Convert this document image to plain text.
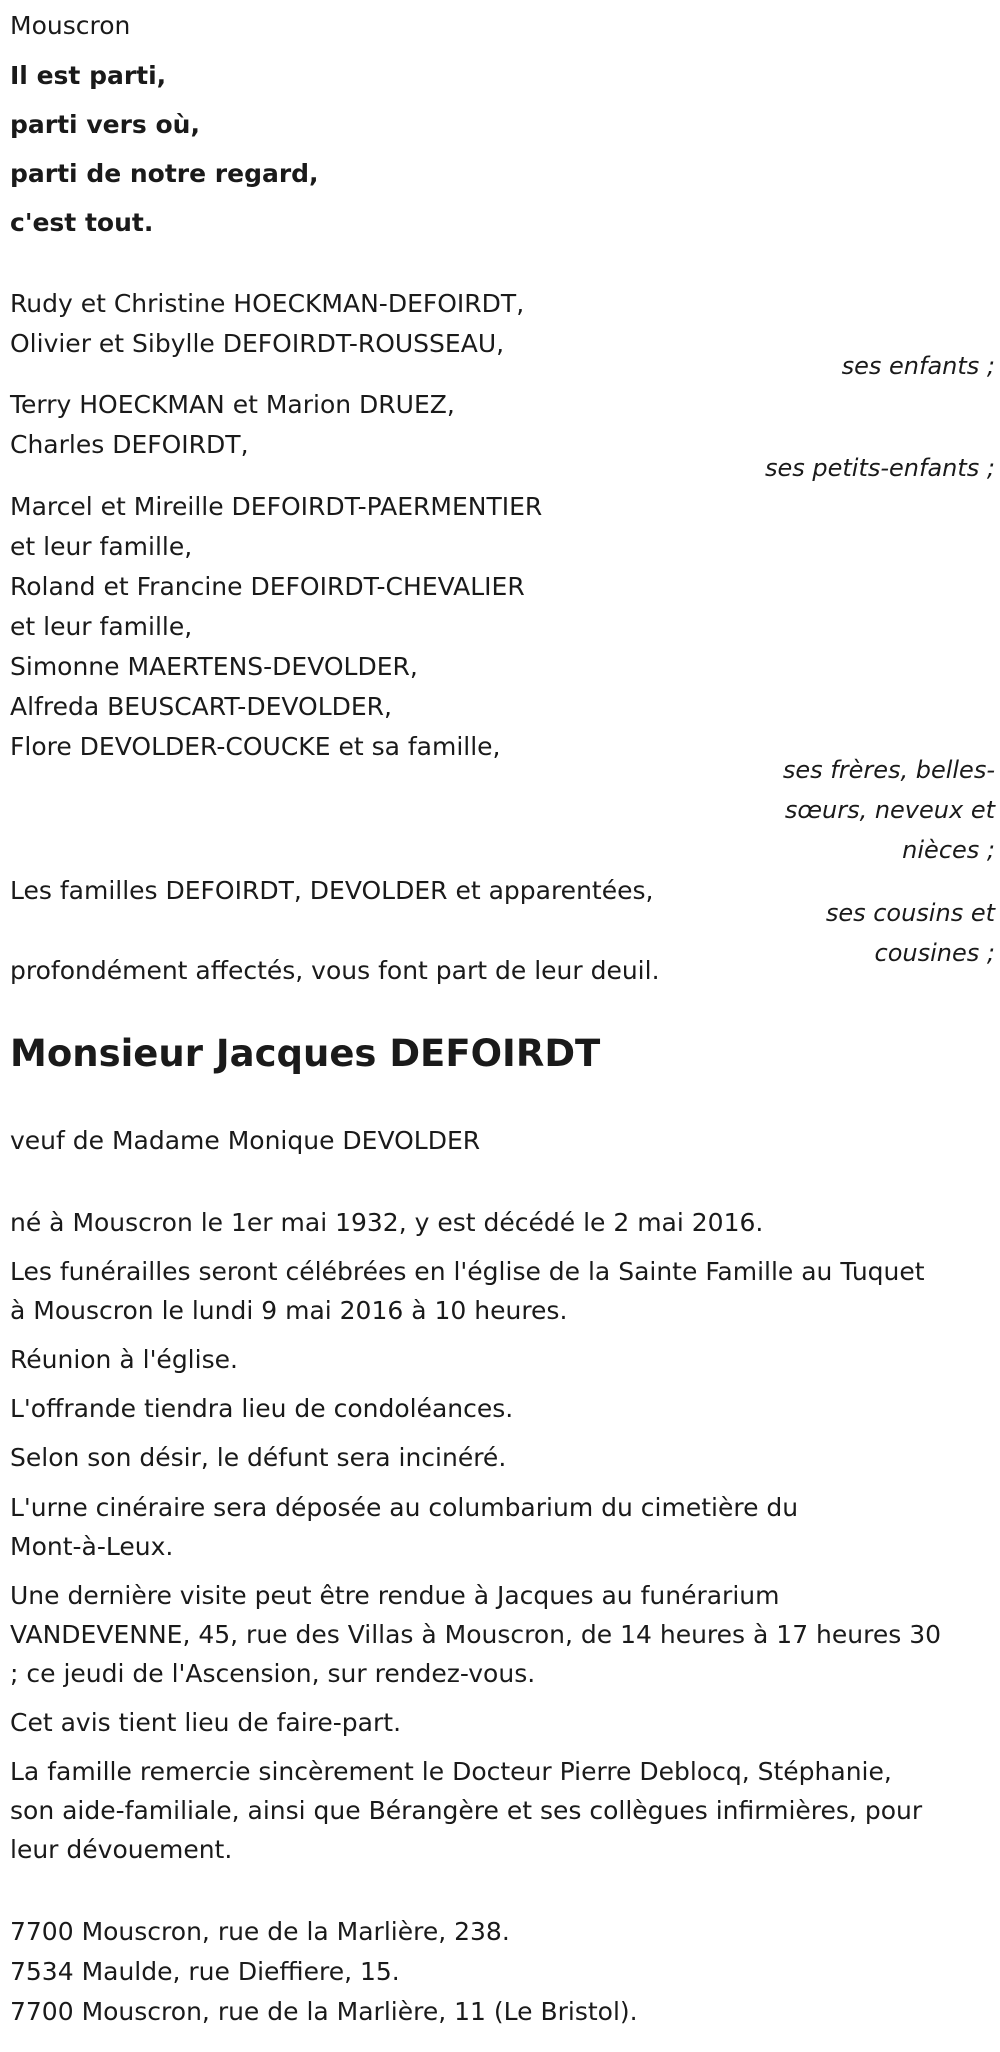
Mouscron
Il est parti,
parti vers où,
parti de notre regard,
c'est tout.
Rudy et Christine HOECKMAN-DEFOIRDT,
Olivier et Sibylle DEFOIRDT-ROUSSEAU,
ses enfants ;
Terry HOECKMAN et Marion DRUEZ,
Charles DEFOIRDT,
ses petits-enfants ;
Marcel et Mireille DEFOIRDT-PAERMENTIER
et leur famille,
Roland et Francine DEFOIRDT-CHEVALIER
et leur famille,
Simonne MAERTENS-DEVOLDER,
Alfreda BEUSCART-DEVOLDER,
Flore DEVOLDER-COUCKE et sa famille,
ses frères, belles-
sœurs, neveux et
nièces ;
Les familles DEFOIRDT, DEVOLDER et apparentées,
ses cousins et
cousines ;
profondément affectés, vous font part de leur deuil.
Monsieur Jacques DEFOIRDT
veuf de Madame Monique DEVOLDER
né à Mouscron le 1er mai 1932, y est décédé le 2 mai 2016.
Les funérailles seront célébrées en l'église de la Sainte Famille au Tuquet
à Mouscron le lundi 9 mai 2016 à 10 heures.
Réunion à l'église.
L'offrande tiendra lieu de condoléances.
Selon son désir, le défunt sera incinéré.
L'urne cinéraire sera déposée au columbarium du cimetière du
Mont-à-Leux.
Une dernière visite peut être rendue à Jacques au funérarium
VANDEVENNE, 45, rue des Villas à Mouscron, de 14 heures à 17 heures 30
; ce jeudi de l'Ascension, sur rendez-vous.
Cet avis tient lieu de faire-part.
La famille remercie sincèrement le Docteur Pierre Deblocq, Stéphanie,
son aide-familiale, ainsi que Bérangère et ses collègues infirmières, pour
leur dévouement.
7700 Mouscron, rue de la Marlière, 238.
7534 Maulde, rue Dieffiere, 15.
7700 Mouscron, rue de la Marlière, 11 (Le Bristol).
